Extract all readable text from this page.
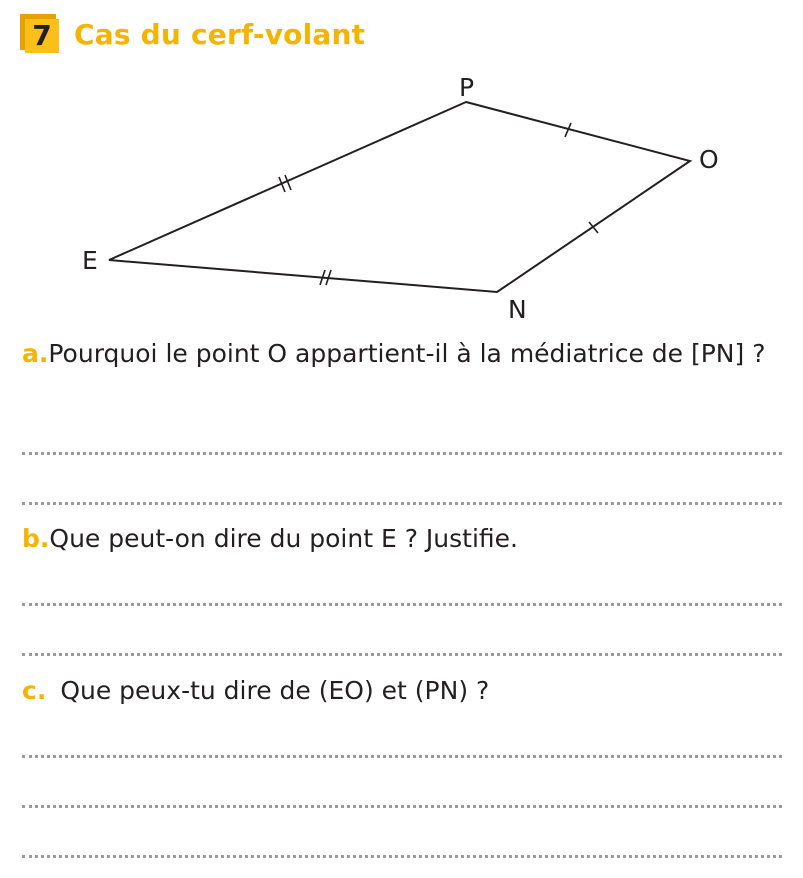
7 Cas du cerf-volant
P
O
N
E
a.Pourquoi le point O appartient-il à la médiatrice de [PN] ?
b.Que peut-on dire du point E ? Justifie.
c. Que peux-tu dire de (EO) et (PN) ?
